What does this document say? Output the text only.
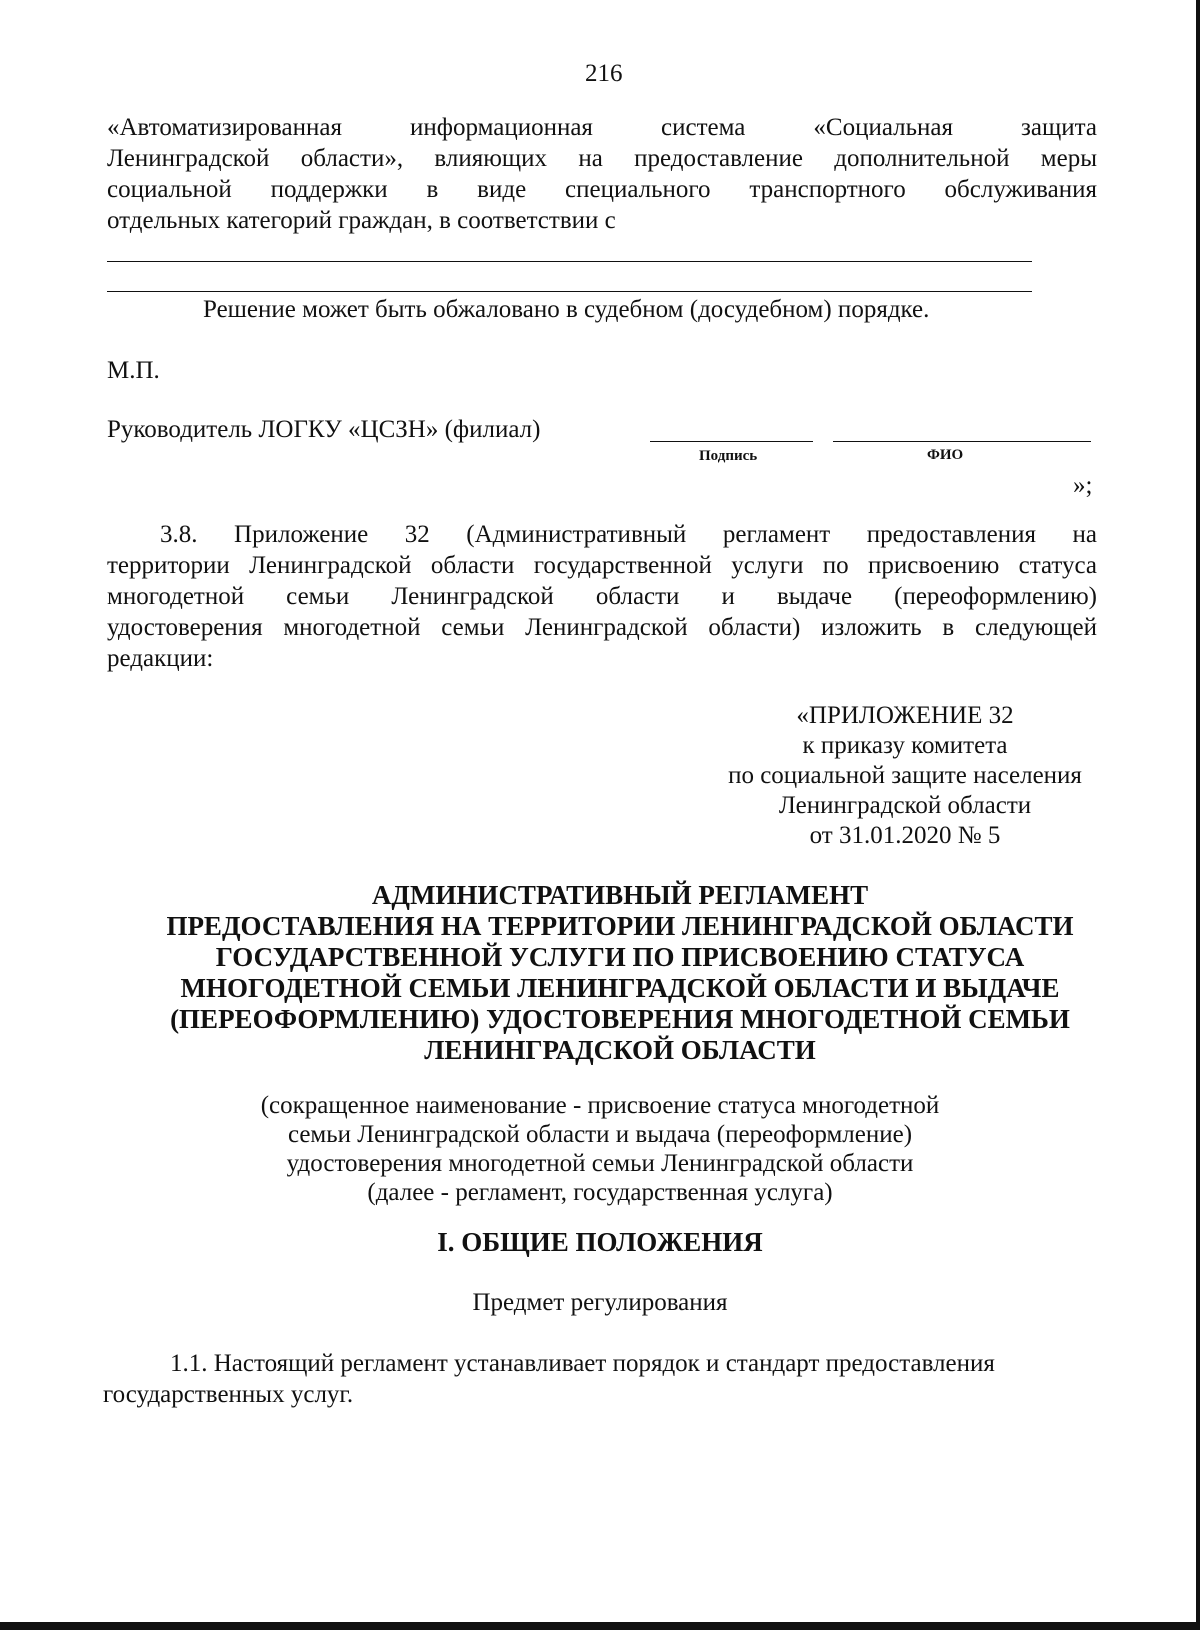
216
«Автоматизированная информационная система «Социальная защита
Ленинградской области», влияющих на предоставление дополнительной меры
социальной поддержки в виде специального транспортного обслуживания
отдельных категорий граждан, в соответствии с
Решение может быть обжаловано в судебном (досудебном) порядке.
М.П.
Руководитель ЛОГКУ «ЦСЗН» (филиал)
Подпись	ФИО
»;
3.8. Приложение 32 (Административный регламент предоставления на
территории Ленинградской области государственной услуги по присвоению статуса
многодетной семьи Ленинградской области и выдаче (переоформлению)
удостоверения многодетной семьи Ленинградской области) изложить в следующей
редакции:
«ПРИЛОЖЕНИЕ 32
к приказу комитета
по социальной защите населения
Ленинградской области
от 31.01.2020 № 5
АДМИНИСТРАТИВНЫЙ РЕГЛАМЕНТ
ПРЕДОСТАВЛЕНИЯ НА ТЕРРИТОРИИ ЛЕНИНГРАДСКОЙ ОБЛАСТИ
ГОСУДАРСТВЕННОЙ УСЛУГИ ПО ПРИСВОЕНИЮ СТАТУСА
МНОГОДЕТНОЙ СЕМЬИ ЛЕНИНГРАДСКОЙ ОБЛАСТИ И ВЫДАЧЕ
(ПЕРЕОФОРМЛЕНИЮ) УДОСТОВЕРЕНИЯ МНОГОДЕТНОЙ СЕМЬИ
ЛЕНИНГРАДСКОЙ ОБЛАСТИ
(сокращенное наименование - присвоение статуса многодетной
семьи Ленинградской области и выдача (переоформление)
удостоверения многодетной семьи Ленинградской области
(далее - регламент, государственная услуга)
I. ОБЩИЕ ПОЛОЖЕНИЯ
Предмет регулирования
1.1. Настоящий регламент устанавливает порядок и стандарт предоставления
государственных услуг.
